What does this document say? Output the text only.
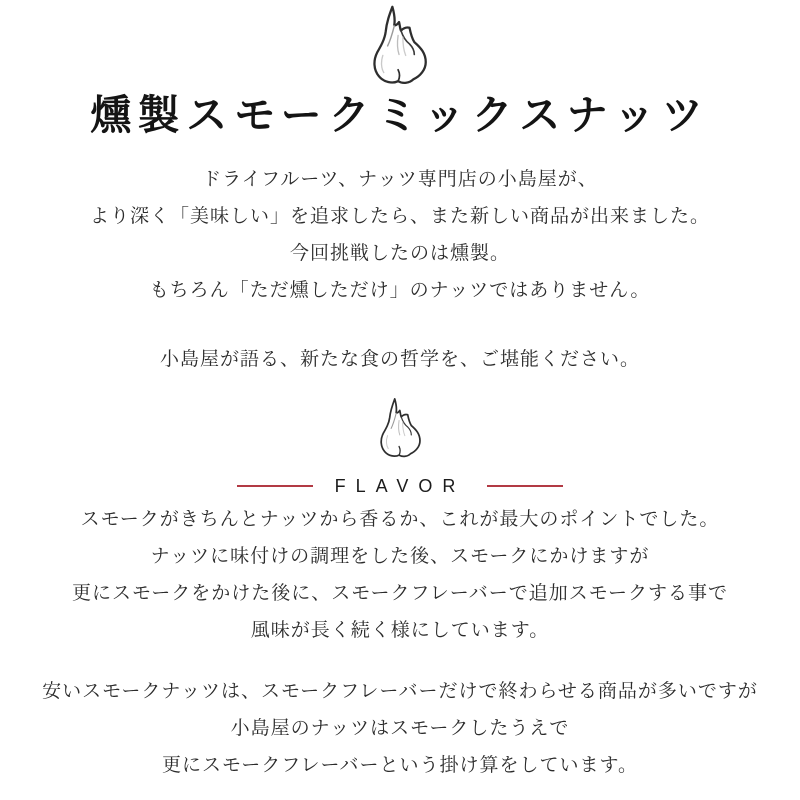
燻製スモークミックスナッツ

ドライフルーツ、ナッツ専門店の小島屋が、

より深く「美味しい」を追求したら、また新しい商品が出来ました。

今回挑戦したのは燻製。

もちろん「ただ燻しただけ」のナッツではありません。

小島屋が語る、新たな食の哲学を、ご堪能ください。

FLAVOR

スモークがきちんとナッツから香るか、これが最大のポイントでした。

ナッツに味付けの調理をした後、スモークにかけますが

更にスモークをかけた後に、スモークフレーバーで追加スモークする事で

風味が長く続く様にしています。

安いスモークナッツは、スモークフレーバーだけで終わらせる商品が多いですが

小島屋のナッツはスモークしたうえで

更にスモークフレーバーという掛け算をしています。
